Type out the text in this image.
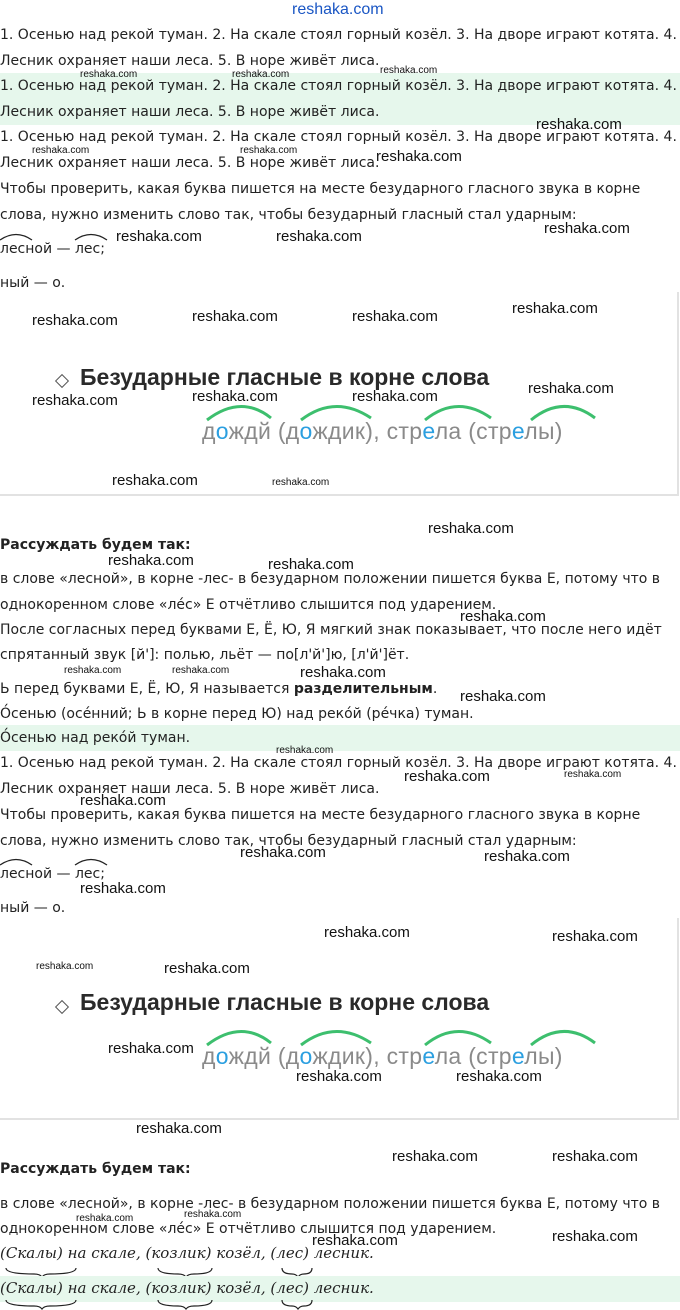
reshaka.com
1. Осенью над рекой туман. 2. На скале стоял горный козёл. 3. На дворе играют котята. 4.
Лесник охраняет наши леса. 5. В норе живёт лиса.
1. Осенью над рекой туман. 2. На скале стоял горный козёл. 3. На дворе играют котята. 4.
Лесник охраняет наши леса. 5. В норе живёт лиса.
1. Осенью над рекой туман. 2. На скале стоял горный козёл. 3. На дворе играют котята. 4.
Лесник охраняет наши леса. 5. В норе живёт лиса.
Чтобы проверить, какая буква пишется на месте безударного гласного звука в корне
слова, нужно изменить слово так, чтобы безударный гласный стал ударным:
лесной —
лес;
ный — о.
Безударные гласные в корне слова
дождй (дождик), стрела (стрелы)
Рассуждать будем так:
в слове «лесной», в корне -лес- в безударном положении пишется буква Е, потому что в
однокоренном слове «ле́с» Е отчётливо слышится под ударением.
После согласных перед буквами Е, Ё, Ю, Я мягкий знак показывает, что после него идёт
спрятанный звук [й']: полью, льёт — по[л'й']ю, [л'й']ёт.
Ь перед буквами Е, Ё, Ю, Я называется разделительным.
О́сенью (осе́нний; Ь в корне перед Ю) над реко́й (ре́чка) туман.
О́сенью над реко́й туман.
1. Осенью над рекой туман. 2. На скале стоял горный козёл. 3. На дворе играют котята. 4.
Лесник охраняет наши леса. 5. В норе живёт лиса.
Чтобы проверить, какая буква пишется на месте безударного гласного звука в корне
слова, нужно изменить слово так, чтобы безударный гласный стал ударным:
лесной —
лес;
ный — о.
Безударные гласные в корне слова
дождй (дождик), стрела (стрелы)
Рассуждать будем так:
в слове «лесной», в корне -лес- в безударном положении пишется буква Е, потому что в
однокоренном слове «ле́с» Е отчётливо слышится под ударением.
(Скалы) на скале, (козлик) козёл, (лес) лесник.
(Скалы) на скале, (козлик) козёл, (лес) лесник.
reshaka.com
reshaka.com
reshaka.com	reshaka.com	reshaka.com
reshaka.com	reshaka.com	reshaka.com	reshaka.com
reshaka.com	reshaka.com	reshaka.com	reshaka.com
reshaka.com
reshaka.com
reshaka.com	reshaka.com
reshaka.com
reshaka.com
reshaka.com
reshaka.com
reshaka.com
reshaka.com	reshaka.com
reshaka.com
reshaka.com	reshaka.com
reshaka.com
reshaka.com
reshaka.com	reshaka.com
reshaka.com
reshaka.com	reshaka.com
reshaka.com	reshaka.com
reshaka.com
reshaka.com	reshaka.com
reshaka.com	reshaka.com
reshaka.com
reshaka.com	reshaka.com
reshaka.com
reshaka.com
reshaka.com
reshaka.com	reshaka.com
